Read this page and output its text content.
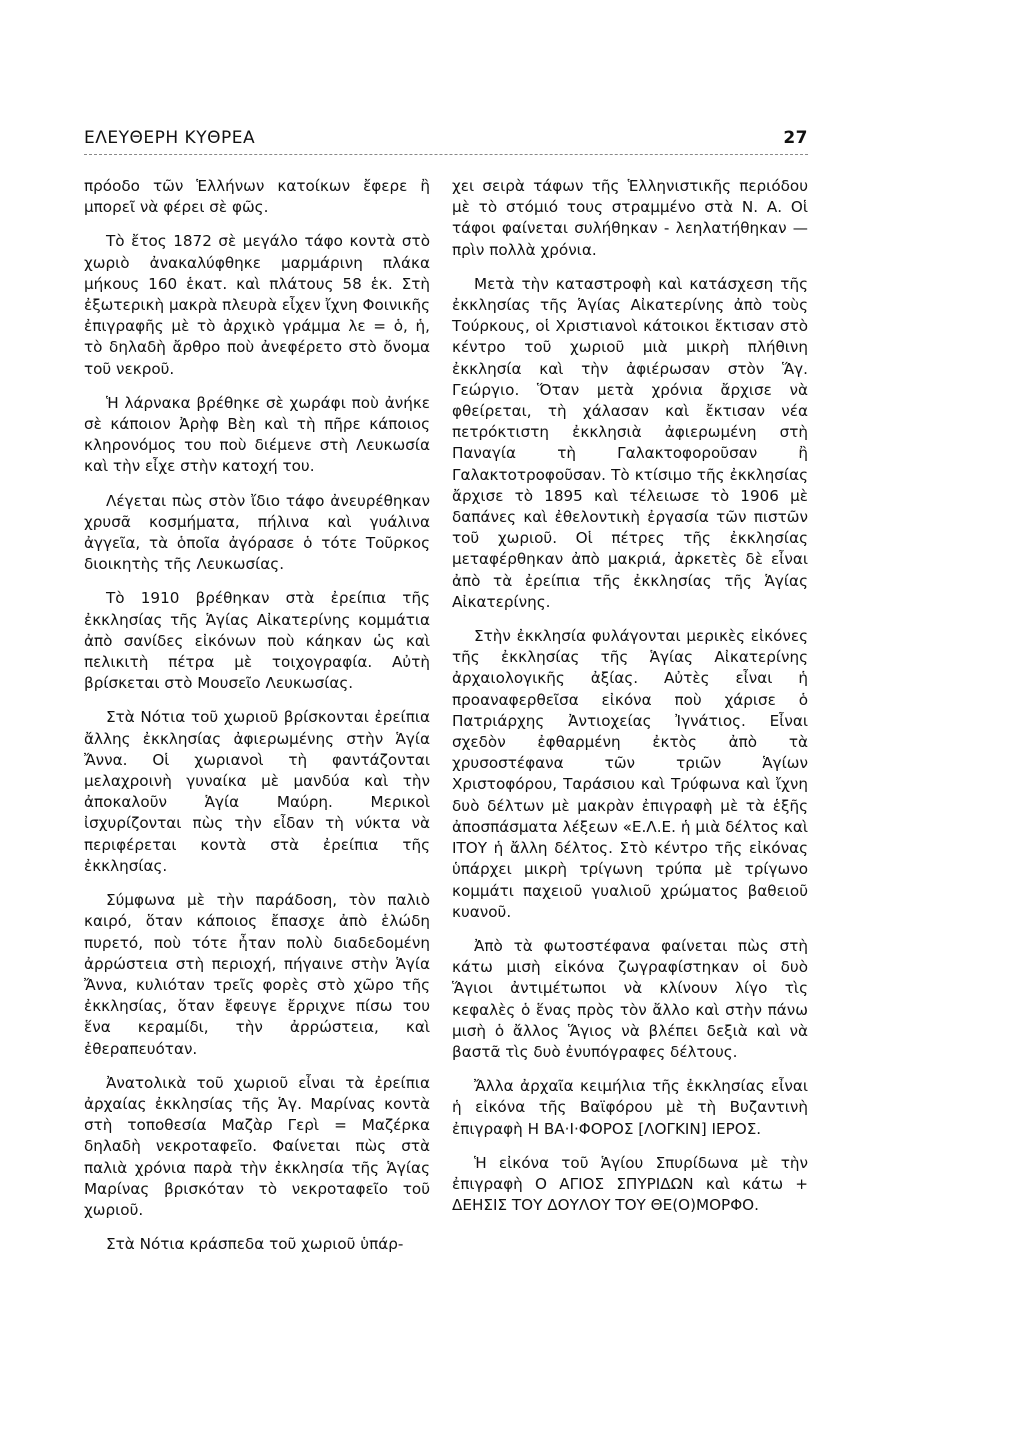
ΕΛΕΥΘΕΡΗ ΚΥΘΡΕΑ	27

πρόοδο τῶν Ἑλλήνων κατοίκων ἔφερε ἢ μπορεῖ νὰ φέρει σὲ φῶς.

Τὸ ἔτος 1872 σὲ μεγάλο τάφο κοντὰ στὸ χωριὸ ἀνακαλύφθηκε μαρμάρινη πλάκα μήκους 160 ἑκατ. καὶ πλάτους 58 ἑκ. Στὴ ἐξωτερικὴ μακρὰ πλευρὰ εἶχεν ἴχνη Φοινικῆς ἐπιγραφῆς μὲ τὸ ἀρχικὸ γράμμα λε = ὁ, ἡ, τὸ δηλαδὴ ἄρθρο ποὺ ἀνεφέρετο στὸ ὄνομα τοῦ νεκροῦ.

Ἡ λάρνακα βρέθηκε σὲ χωράφι ποὺ ἀνήκε σὲ κάποιον Ἀρὴφ Βὲη καὶ τὴ πῆρε κάποιος κληρονόμος του ποὺ διέμενε στὴ Λευκωσία καὶ τὴν εἶχε στὴν κατοχή του.

Λέγεται πὼς στὸν ἴδιο τάφο ἀνευρέθηκαν χρυσᾶ κοσμήματα, πήλινα καὶ γυάλινα ἀγγεῖα, τὰ ὁποῖα ἀγόρασε ὁ τότε Τοῦρκος διοικητὴς τῆς Λευκωσίας.

Τὸ 1910 βρέθηκαν στὰ ἐρείπια τῆς ἐκκλησίας τῆς Ἁγίας Αἰκατερίνης κομμάτια ἀπὸ σανίδες εἰκόνων ποὺ κάηκαν ὡς καὶ πελικιτὴ πέτρα μὲ τοιχογραφία. Αὐτὴ βρίσκεται στὸ Μουσεῖο Λευκωσίας.

Στὰ Νότια τοῦ χωριοῦ βρίσκονται ἐρείπια ἄλλης ἐκκλησίας ἀφιερωμένης στὴν Ἁγία Ἄννα. Οἱ χωριανοὶ τὴ φαντάζονται μελαχροινὴ γυναίκα μὲ μανδύα καὶ τὴν ἀποκαλοῦν Ἁγία Μαύρη. Μερικοὶ ἰσχυρίζονται πὼς τὴν εἶδαν τὴ νύκτα νὰ περιφέρεται κοντὰ στὰ ἐρείπια τῆς ἐκκλησίας.

Σύμφωνα μὲ τὴν παράδοση, τὸν παλιὸ καιρό, ὅταν κάποιος ἔπασχε ἀπὸ ἑλώδη πυρετό, ποὺ τότε ἦταν πολὺ διαδεδομένη ἀρρώστεια στὴ περιοχή, πήγαινε στὴν Ἁγία Ἄννα, κυλιόταν τρεῖς φορὲς στὸ χῶρο τῆς ἐκκλησίας, ὅταν ἔφευγε ἔρριχνε πίσω του ἕνα κεραμίδι, τὴν ἀρρώστεια, καὶ ἐθεραπευόταν.

Ἀνατολικὰ τοῦ χωριοῦ εἶναι τὰ ἐρείπια ἀρχαίας ἐκκλησίας τῆς Ἁγ. Μαρίνας κοντὰ στὴ τοποθεσία Μαζὰρ Γερὶ = Μαζέρκα δηλαδὴ νεκροταφεῖο. Φαίνεται πὼς στὰ παλιὰ χρόνια παρὰ τὴν ἐκκλησία τῆς Ἁγίας Μαρίνας βρισκόταν τὸ νεκροταφεῖο τοῦ χωριοῦ.

Στὰ Νότια κράσπεδα τοῦ χωριοῦ ὑπάρ-

χει σειρὰ τάφων τῆς Ἑλληνιστικῆς περιόδου μὲ τὸ στόμιό τους στραμμένο στὰ Ν. Α. Οἱ τάφοι φαίνεται συλήθηκαν - λεηλατήθηκαν — πρὶν πολλὰ χρόνια.

Μετὰ τὴν καταστροφὴ καὶ κατάσχεση τῆς ἐκκλησίας τῆς Ἁγίας Αἰκατερίνης ἀπὸ τοὺς Τούρκους, οἱ Χριστιανοὶ κάτοικοι ἔκτισαν στὸ κέντρο τοῦ χωριοῦ μιὰ μικρὴ πλήθινη ἐκκλησία καὶ τὴν ἀφιέρωσαν στὸν Ἅγ. Γεώργιο. Ὅταν μετὰ χρόνια ἄρχισε νὰ φθείρεται, τὴ χάλασαν καὶ ἔκτισαν νέα πετρόκτιστη ἐκκλησιὰ ἀφιερωμένη στὴ Παναγία τὴ Γαλακτοφοροῦσαν ἢ Γαλακτοτροφοῦσαν. Τὸ κτίσιμο τῆς ἐκκλησίας ἄρχισε τὸ 1895 καὶ τέλειωσε τὸ 1906 μὲ δαπάνες καὶ ἐθελοντικὴ ἐργασία τῶν πιστῶν τοῦ χωριοῦ. Οἱ πέτρες τῆς ἐκκλησίας μεταφέρθηκαν ἀπὸ μακριά, ἀρκετὲς δὲ εἶναι ἀπὸ τὰ ἐρείπια τῆς ἐκκλησίας τῆς Ἁγίας Αἰκατερίνης.

Στὴν ἐκκλησία φυλάγονται μερικὲς εἰκόνες τῆς ἐκκλησίας τῆς Ἁγίας Αἰκατερίνης ἀρχαιολογικῆς ἀξίας. Αὐτὲς εἶναι ἡ προαναφερθεῖσα εἰκόνα ποὺ χάρισε ὁ Πατριάρχης Ἀντιοχείας Ἰγνάτιος. Εἶναι σχεδὸν ἐφθαρμένη ἐκτὸς ἀπὸ τὰ χρυσοστέφανα τῶν τριῶν Ἁγίων Χριστοφόρου, Ταράσιου καὶ Τρύφωνα καὶ ἴχνη δυὸ δέλτων μὲ μακρὰν ἐπιγραφὴ μὲ τὰ ἑξῆς ἀποσπάσματα λέξεων «Ε.Λ.Ε. ἡ μιὰ δέλτος καὶ ΙΤΟΥ ἡ ἄλλη δέλτος. Στὸ κέντρο τῆς εἰκόνας ὑπάρχει μικρὴ τρίγωνη τρύπα μὲ τρίγωνο κομμάτι παχειοῦ γυαλιοῦ χρώματος βαθειοῦ κυανοῦ.

Ἀπὸ τὰ φωτοστέφανα φαίνεται πὼς στὴ κάτω μισὴ εἰκόνα ζωγραφίστηκαν οἱ δυὸ Ἅγιοι ἀντιμέτωποι νὰ κλίνουν λίγο τὶς κεφαλὲς ὁ ἕνας πρὸς τὸν ἄλλο καὶ στὴν πάνω μισὴ ὁ ἄλλος Ἅγιος νὰ βλέπει δεξιὰ καὶ νὰ βαστᾶ τὶς δυὸ ἐνυπόγραφες δέλτους.

Ἄλλα ἀρχαῖα κειμήλια τῆς ἐκκλησίας εἶναι ἡ εἰκόνα τῆς Βαϊφόρου μὲ τὴ Βυζαντινὴ ἐπιγραφὴ Η ΒΑ·Ι·ΦΟΡΟΣ [ΛΟΓΚΙΝ] ΙΕΡΟΣ.

Ἡ εἰκόνα τοῦ Ἁγίου Σπυρίδωνα μὲ τὴν ἐπιγραφὴ Ο ΑΓΙΟΣ ΣΠΥΡΙΔΩΝ καὶ κάτω + ΔΕΗΣΙΣ ΤΟΥ ΔΟΥΛΟΥ ΤΟΥ ΘΕ(Ο)ΜΟΡΦΟ.
